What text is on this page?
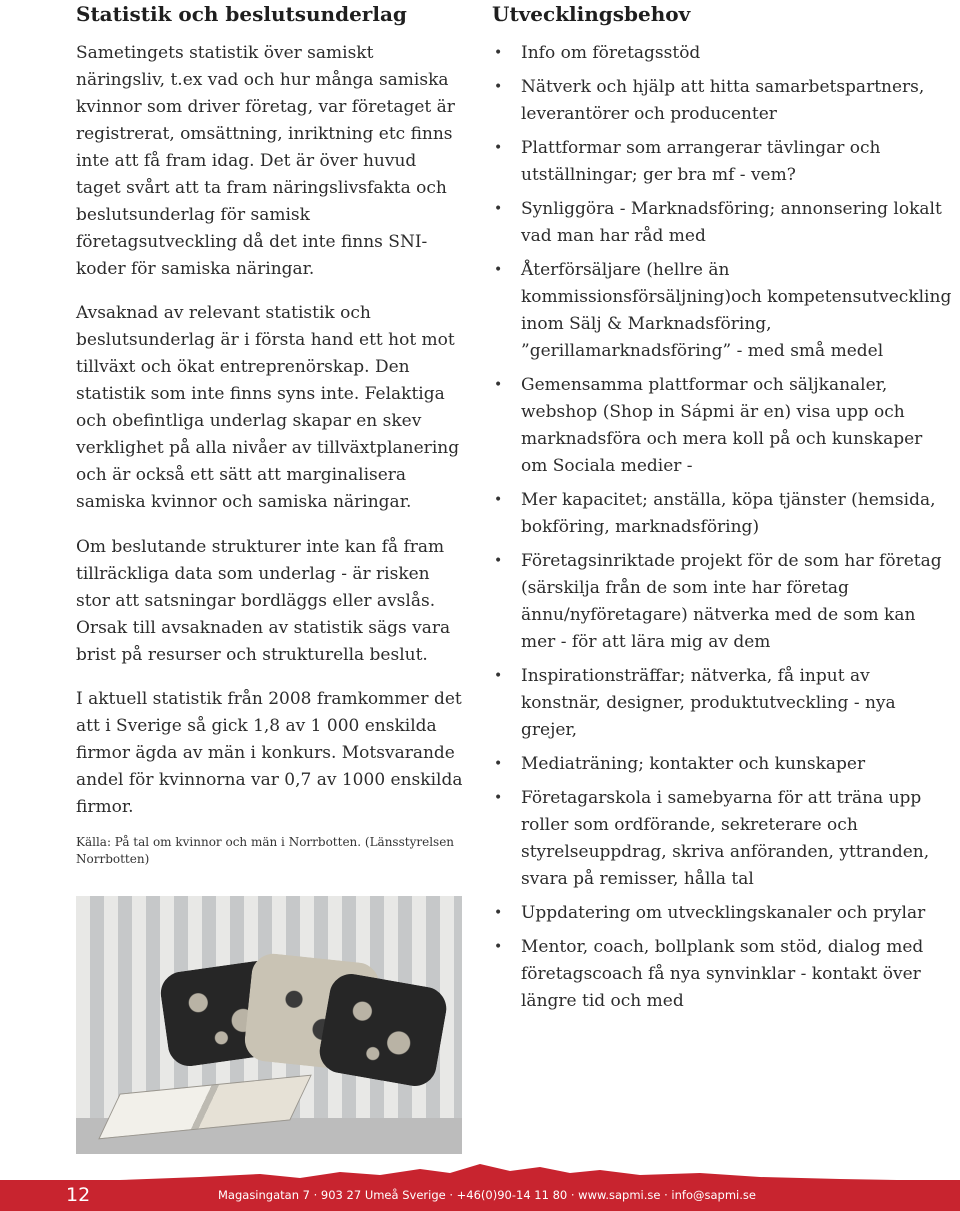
Statistik och beslutsunderlag

Sametingets statistik över samiskt näringsliv, t.ex vad och hur många samiska kvinnor som driver företag, var företaget är registrerat, omsättning, inriktning etc finns inte att få fram idag. Det är över huvud taget svårt att ta fram näringslivsfakta och beslutsunderlag för samisk företagsutveckling då det inte finns SNI-koder för samiska näringar.

Avsaknad av relevant statistik och beslutsunderlag är i första hand ett hot mot tillväxt och ökat entreprenörskap. Den statistik som inte finns syns inte. Felaktiga och obefintliga underlag skapar en skev verklighet på alla nivåer av tillväxtplanering och är också ett sätt att marginalisera samiska kvinnor och samiska näringar.

Om beslutande strukturer inte kan få fram tillräckliga data som underlag - är risken stor att satsningar bordläggs eller avslås. Orsak till avsaknaden av statistik sägs vara brist på resurser och strukturella beslut.

I aktuell statistik från 2008 framkommer det att i Sverige så gick 1,8 av 1 000 enskilda firmor ägda av män i konkurs. Motsvarande andel för kvinnorna var 0,7 av 1000 enskilda firmor.

Källa: På tal om kvinnor och män i Norrbotten. (Länsstyrelsen Norrbotten)

Utvecklingsbehov
• Info om företagsstöd
• Nätverk och hjälp att hitta samarbetspartners, leverantörer och producenter
• Plattformar som arrangerar tävlingar och utställningar; ger bra mf - vem?
• Synliggöra - Marknadsföring; annonsering lokalt vad man har råd med
• Återförsäljare (hellre än kommissionsförsäljning)och kompetensutveckling inom Sälj & Marknadsföring, ”gerillamarknadsföring” - med små medel
• Gemensamma plattformar och säljkanaler, webshop (Shop in Sápmi är en) visa upp och marknadsföra och mera koll på och kunskaper om Sociala medier -
• Mer kapacitet; anställa, köpa tjänster (hemsida, bokföring, marknadsföring)
• Företagsinriktade projekt för de som har företag (särskilja från de som inte har företag ännu/nyföretagare) nätverka med de som kan mer - för att lära mig av dem
• Inspirationsträffar; nätverka, få input av konstnär, designer, produktutveckling - nya grejer,
• Mediaträning; kontakter och kunskaper
• Företagarskola i samebyarna för att träna upp roller som ordförande, sekreterare och styrelseuppdrag, skriva anföranden, yttranden, svara på remisser, hålla tal
• Uppdatering om utvecklingskanaler och prylar
• Mentor, coach, bollplank som stöd, dialog med företagscoach få nya synvinklar - kontakt över längre tid och med
12	Magasingatan 7 · 903 27 Umeå Sverige · +46(0)90-14 11 80 · www.sapmi.se · info@sapmi.se
